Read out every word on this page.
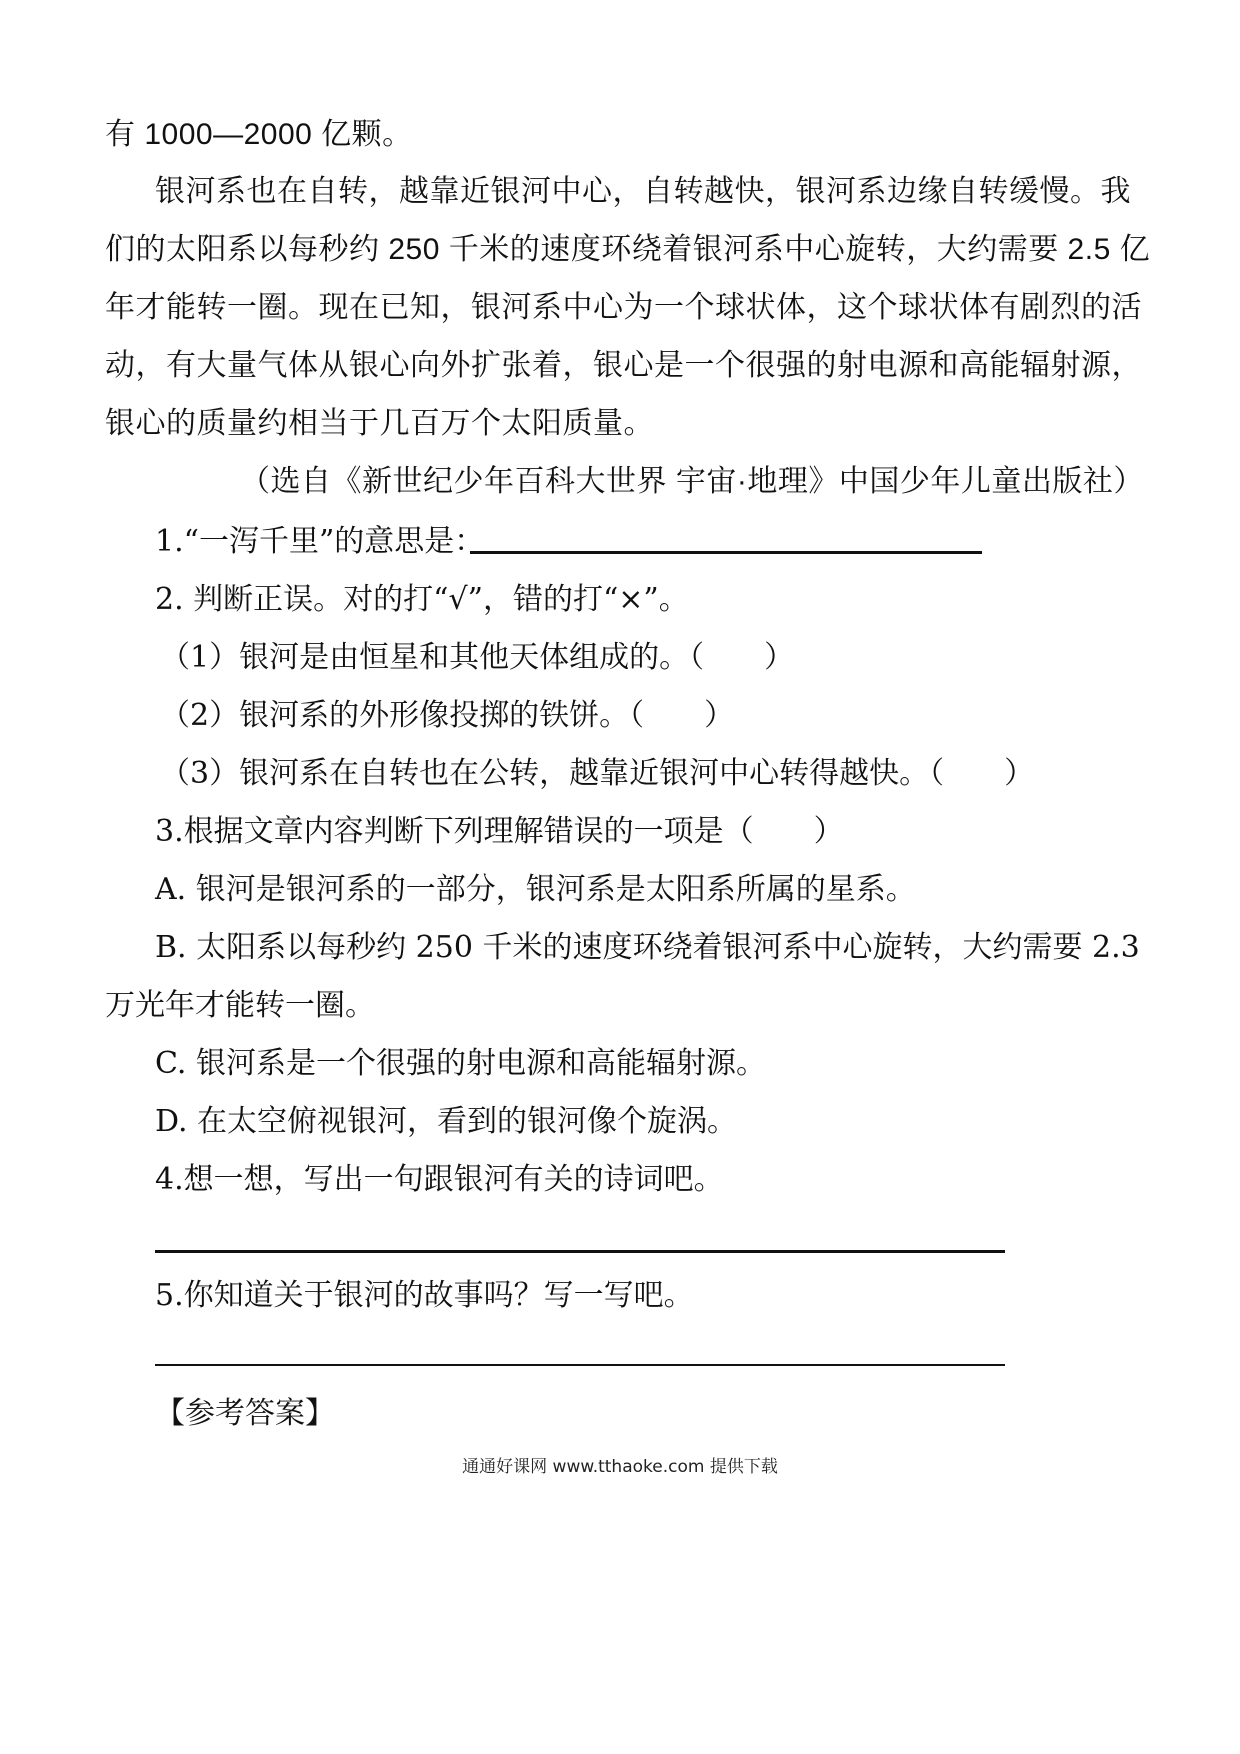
有 1000—2000 亿颗。
银河系也在自转，越靠近银河中心，自转越快，银河系边缘自转缓慢。我
们的太阳系以每秒约 250 千米的速度环绕着银河系中心旋转，大约需要 2.5 亿
年才能转一圈。现在已知，银河系中心为一个球状体，这个球状体有剧烈的活
动，有大量气体从银心向外扩张着，银心是一个很强的射电源和高能辐射源，
银心的质量约相当于几百万个太阳质量。
（选自《新世纪少年百科大世界 宇宙·地理》中国少年儿童出版社）
1.“一泻千里”的意思是：
2. 判断正误。对的打“√”，错的打“×”。
（1）银河是由恒星和其他天体组成的。（　　）
（2）银河系的外形像投掷的铁饼。（　　）
（3）银河系在自转也在公转，越靠近银河中心转得越快。（　　）
3.根据文章内容判断下列理解错误的一项是（　　）
A. 银河是银河系的一部分，银河系是太阳系所属的星系。
B. 太阳系以每秒约 250 千米的速度环绕着银河系中心旋转，大约需要 2.3
万光年才能转一圈。
C. 银河系是一个很强的射电源和高能辐射源。
D. 在太空俯视银河，看到的银河像个旋涡。
4.想一想，写出一句跟银河有关的诗词吧。
5.你知道关于银河的故事吗？写一写吧。
【参考答案】
通通好课网 www.tthaoke.com 提供下载
